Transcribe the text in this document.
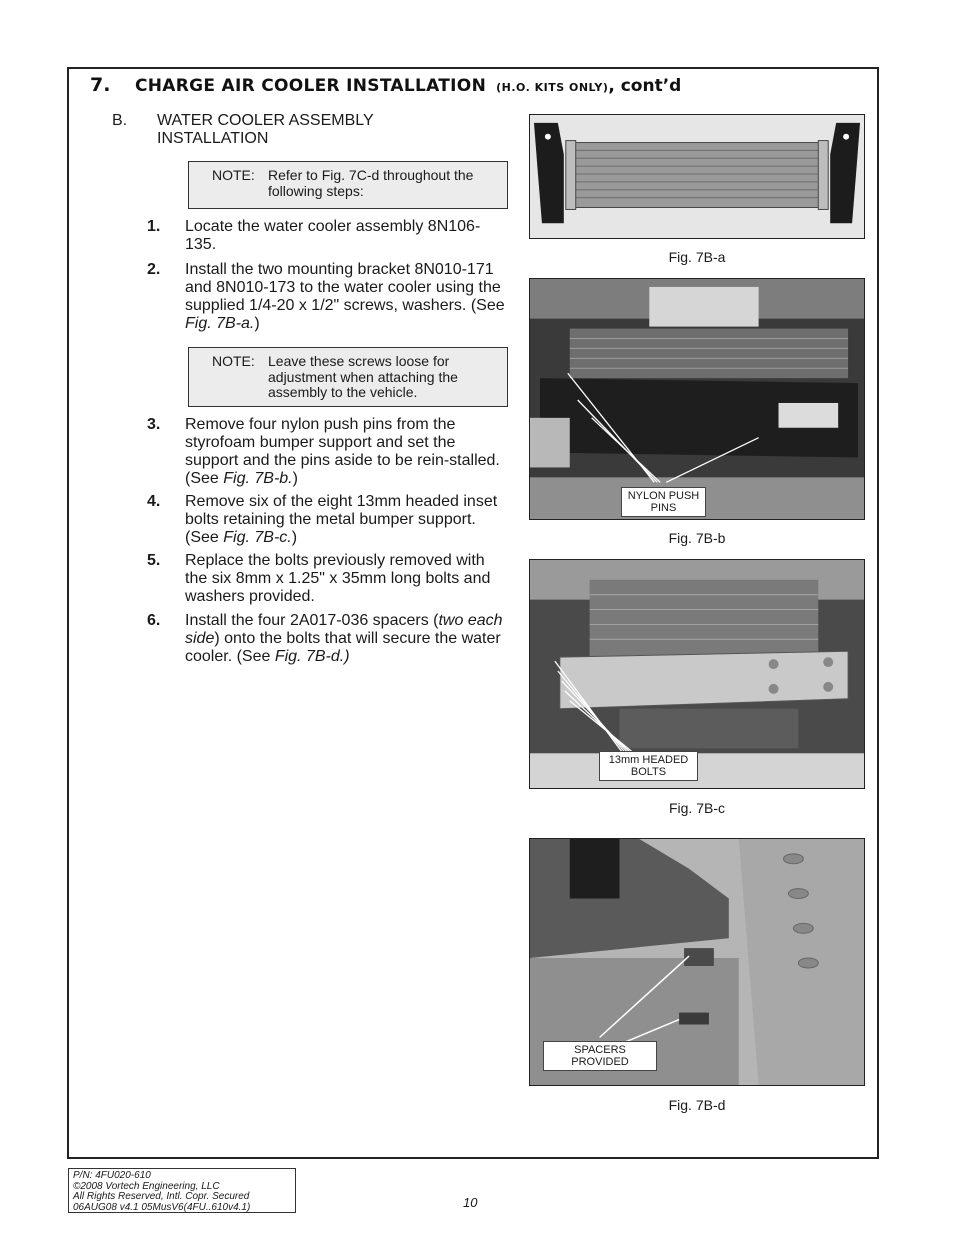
7. CHARGE AIR COOLER INSTALLATION (H.O. KITS ONLY), cont’d
B. WATER COOLER ASSEMBLY INSTALLATION
NOTE: Refer to Fig. 7C-d throughout the following steps:
1. Locate the water cooler assembly 8N106-135.
2. Install the two mounting bracket 8N010-171 and 8N010-173 to the water cooler using the supplied 1/4-20 x 1/2" screws, washers. (See Fig. 7B-a.)
NOTE: Leave these screws loose for adjustment when attaching the assembly to the vehicle.
3. Remove four nylon push pins from the styrofoam bumper support and set the support and the pins aside to be rein-stalled. (See Fig. 7B-b.)
4. Remove six of the eight 13mm headed inset bolts retaining the metal bumper support. (See Fig. 7B-c.)
5. Replace the bolts previously removed with the six 8mm x 1.25" x 35mm long bolts and washers provided.
6. Install the four 2A017-036 spacers (two each side) onto the bolts that will secure the water cooler. (See Fig. 7B-d.)
Fig. 7B-a
NYLON PUSH PINS
Fig. 7B-b
13mm HEADED BOLTS
Fig. 7B-c
SPACERS PROVIDED
Fig. 7B-d
P/N: 4FU020-610
©2008 Vortech Engineering, LLC
All Rights Reserved, Intl. Copr. Secured
06AUG08 v4.1 05MusV6(4FU..610v4.1)	10
